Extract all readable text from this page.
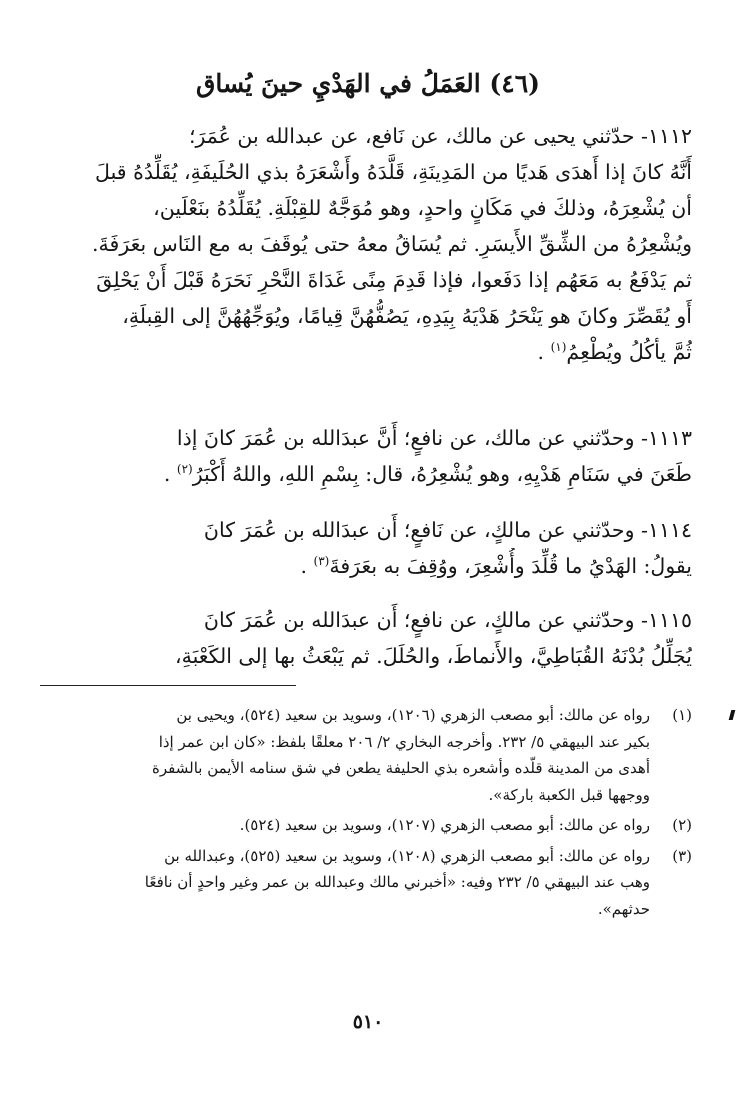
(٤٦) العَمَلُ في الهَدْيِ حينَ يُساق
١١١٢- حدّثني يحيى عن مالك، عن نَافع، عن عبدالله بن عُمَرَ؛
أَنَّهُ كانَ إذا أَهدَى هَديًا من المَدِينَةِ، قَلَّدَهُ وأَشْعَرَهُ بذي الحُلَيفَةِ، يُقَلِّدُهُ قبلَ
أن يُشْعِرَهُ، وذلكَ في مَكَانٍ واحدٍ، وهو مُوَجَّهٌ للقِبْلَةِ. يُقَلِّدُهُ بنَعْلَين،
ويُشْعِرُهُ من الشِّقِّ الأَيسَرِ. ثم يُسَاقُ معهُ حتى يُوقَفَ به مع النَاس بعَرَفَةَ.
ثم يَدْفَعُ به مَعَهُم إذا دَفَعوا، فإذا قَدِمَ مِنًى غَدَاةَ النَّحْرِ نَحَرَهُ قَبْلَ أَنْ يَحْلِقَ
أَو يُقَصِّرَ وكانَ هو يَنْحَرُ هَدْيَهُ بِيَدِهِ، يَصُفُّهُنَّ قِيامًا، ويُوَجِّهُهُنَّ إلى القِبلَةِ،
ثُمَّ يأكُلُ ويُطْعِمُ$^{(١)}$ .
١١١٣- وحدّثني عن مالك، عن نافعٍ؛ أَنَّ عبدَالله بن عُمَرَ كانَ إذا
طَعَنَ في سَنَامِ هَدْيِهِ، وهو يُشْعِرُهُ، قال: بِسْمِ اللهِ، واللهُ أَكْبَرُ$^{(٢)}$ .
١١١٤- وحدّثني عن مالكٍ، عن نَافعٍ؛ أَن عبدَالله بن عُمَرَ كانَ
يقولُ: الهَدْيُ ما قُلِّدَ وأُشْعِرَ، ووُقِفَ به بعَرَفةَ$^{(٣)}$ .
١١١٥- وحدّثني عن مالكٍ، عن نافعٍ؛ أَن عبدَالله بن عُمَرَ كانَ
يُجَلِّلُ بُدْنَهُ القُبَاطِيَّ، والأَنماطَ، والحُلَلَ. ثم يَبْعَثُ بها إلى الكَعْبَةِ،
(١)
رواه عن مالك: أبو مصعب الزهري (١٢٠٦)، وسويد بن سعيد (٥٢٤)، ويحيى بن
بكير عند البيهقي ٥/ ٢٣٢. وأخرجه البخاري ٢/ ٢٠٦ معلقًا بلفظ: «كان ابن عمر إذا
أهدى من المدينة قلّده وأشعره بذي الحليفة يطعن في شق سنامه الأيمن بالشفرة
ووجهها قبل الكعبة باركة».
(٢)
رواه عن مالك: أبو مصعب الزهري (١٢٠٧)، وسويد بن سعيد (٥٢٤).
(٣)
رواه عن مالك: أبو مصعب الزهري (١٢٠٨)، وسويد بن سعيد (٥٢٥)، وعبدالله بن
وهب عند البيهقي ٥/ ٢٣٢ وفيه: «أخبرني مالك وعبدالله بن عمر وغير واحدٍ أن نافعًا
حدثهم».
٥١٠
